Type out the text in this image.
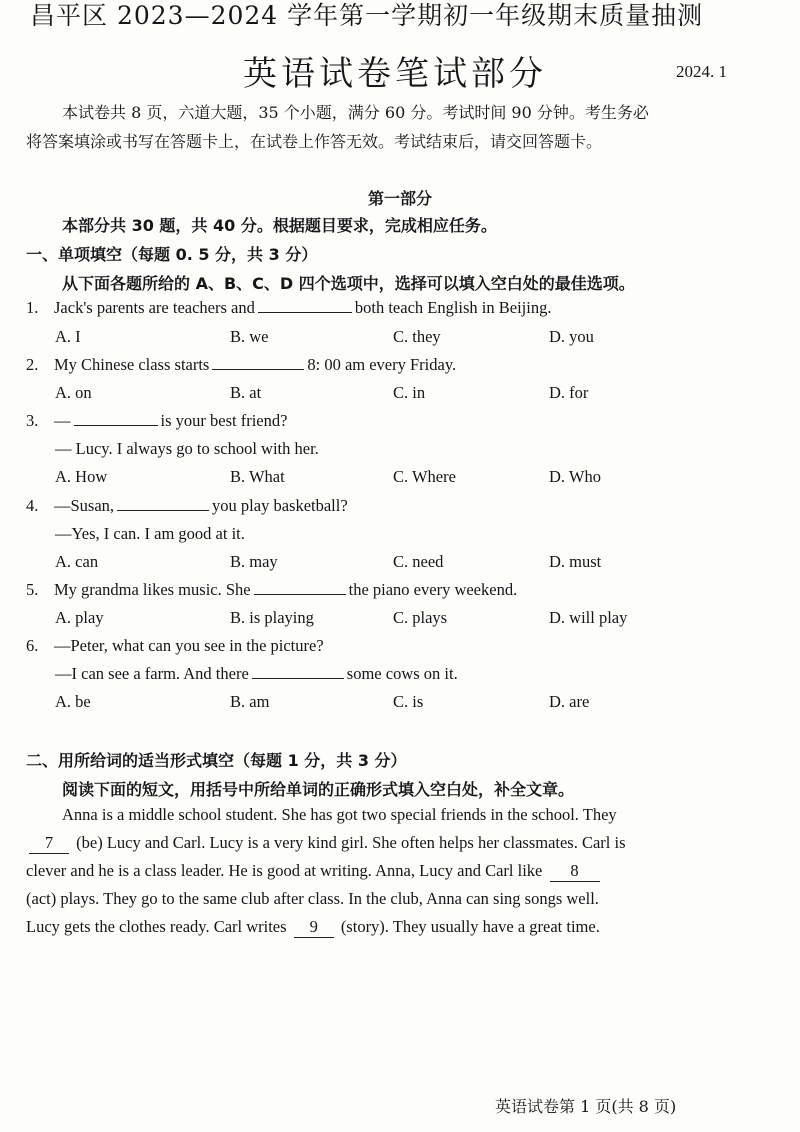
昌平区 2023—2024 学年第一学期初一年级期末质量抽测
英语试卷笔试部分	2024. 1
本试卷共 8 页，六道大题，35 个小题，满分 60 分。考试时间 90 分钟。考生务必
将答案填涂或书写在答题卡上，在试卷上作答无效。考试结束后，请交回答题卡。
第一部分
本部分共 30 题，共 40 分。根据题目要求，完成相应任务。
一、单项填空（每题 0. 5 分，共 3 分）
从下面各题所给的 A、B、C、D 四个选项中，选择可以填入空白处的最佳选项。
1. Jack's parents are teachers and	both teach English in Beijing.
A. I	B. we	C. they	D. you
2. My Chinese class starts	8: 00 am every Friday.
A. on	B. at	C. in	D. for
3. —	is your best friend?
— Lucy. I always go to school with her.
A. How	B. What	C. Where	D. Who
4. —Susan,	you play basketball?
—Yes, I can. I am good at it.
A. can	B. may	C. need	D. must
5. My grandma likes music. She	the piano every weekend.
A. play	B. is playing	C. plays	D. will play
6. —Peter, what can you see in the picture?
—I can see a farm. And there	some cows on it.
A. be	B. am	C. is	D. are
二、用所给词的适当形式填空（每题 1 分，共 3 分）
阅读下面的短文，用括号中所给单词的正确形式填入空白处，补全文章。
Anna is a middle school student. She has got two special friends in the school. They
7 (be) Lucy and Carl. Lucy is a very kind girl. She often helps her classmates. Carl is
clever and he is a class leader. He is good at writing. Anna, Lucy and Carl like 8
(act) plays. They go to the same club after class. In the club, Anna can sing songs well.
Lucy gets the clothes ready. Carl writes 9 (story). They usually have a great time.
英语试卷第 1 页(共 8 页)
